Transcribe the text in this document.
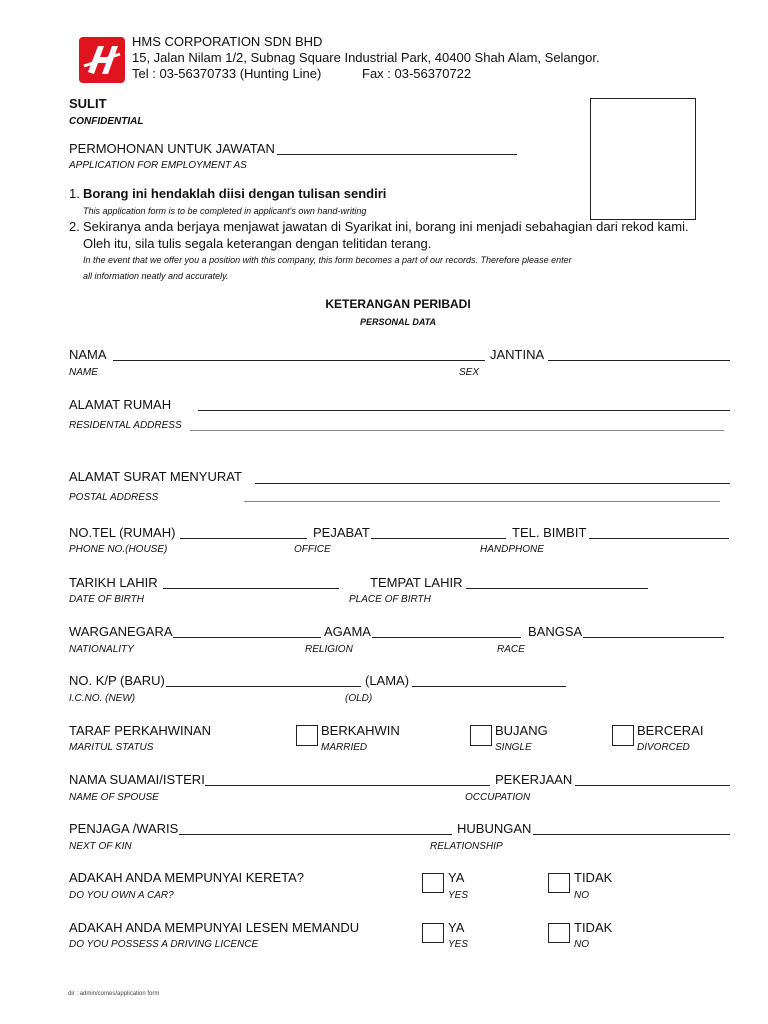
HMS CORPORATION SDN BHD
15, Jalan Nilam 1/2, Subnag Square Industrial Park, 40400 Shah Alam, Selangor.
Tel : 03-56370733 (Hunting Line)	Fax : 03-56370722
SULIT
CONFIDENTIAL
PERMOHONAN UNTUK JAWATAN
APPLICATION FOR EMPLOYMENT AS
1. Borang ini hendaklah diisi dengan tulisan sendiri
This application form is to be completed in applicant's own hand-writing
2. Sekiranya anda berjaya menjawat jawatan di Syarikat ini, borang ini menjadi sebahagian dari rekod kami.
Oleh itu, sila tulis segala keterangan dengan telitidan terang.
In the event that we offer you a position with this company, this form becomes a part of our records. Therefore please enter
all information neatly and accurately.
KETERANGAN PERIBADI
PERSONAL DATA
NAMA	JANTINA
NAME	SEX
ALAMAT RUMAH
RESIDENTAL ADDRESS
ALAMAT SURAT MENYURAT
POSTAL ADDRESS
NO.TEL (RUMAH)	PEJABAT	TEL. BIMBIT
PHONE NO.(HOUSE)	OFFICE	HANDPHONE
TARIKH LAHIR	TEMPAT LAHIR
DATE OF BIRTH	PLACE OF BIRTH
WARGANEGARA	AGAMA	BANGSA
NATIONALITY	RELIGION	RACE
NO. K/P (BARU)	(LAMA)
I.C.NO. (NEW)	(OLD)
TARAF PERKAHWINAN
MARITUL STATUS
BERKAHWIN
MARRIED
BUJANG
SINGLE
BERCERAI
DIVORCED
NAMA SUAMAI/ISTERI	PEKERJAAN
NAME OF SPOUSE	OCCUPATION
PENJAGA /WARIS	HUBUNGAN
NEXT OF KIN	RELATIONSHIP
ADAKAH ANDA MEMPUNYAI KERETA?
DO YOU OWN A CAR?
YA
YES
TIDAK
NO
ADAKAH ANDA MEMPUNYAI LESEN MEMANDU
DO YOU POSSESS A DRIVING LICENCE
YA
YES
TIDAK
NO
dir : admin/comes/application form
